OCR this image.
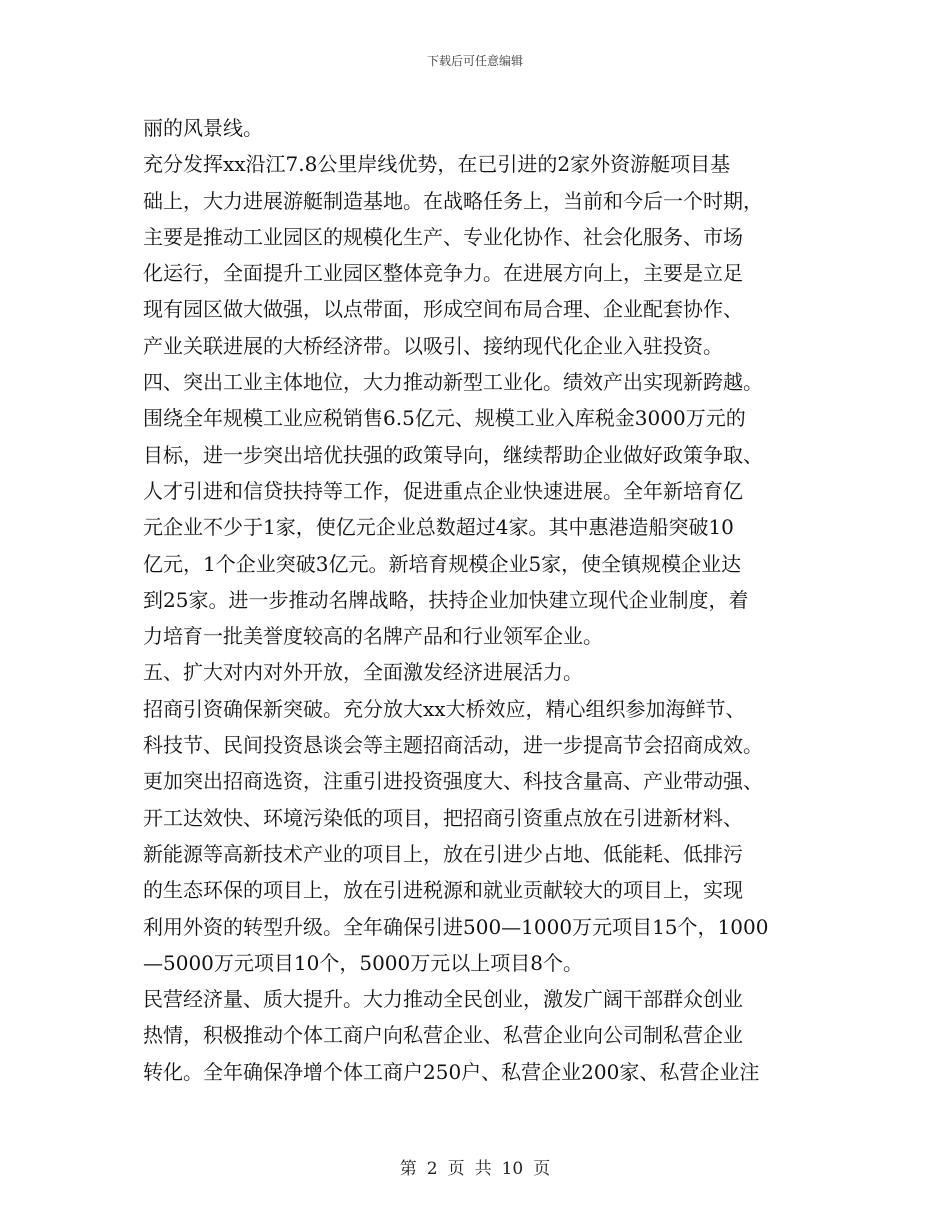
下载后可任意编辑
丽的风景线。
充分发挥xx沿江7.8公里岸线优势，在已引进的2家外资游艇项目基
础上，大力进展游艇制造基地。在战略任务上，当前和今后一个时期，
主要是推动工业园区的规模化生产、专业化协作、社会化服务、市场
化运行，全面提升工业园区整体竞争力。在进展方向上，主要是立足
现有园区做大做强，以点带面，形成空间布局合理、企业配套协作、
产业关联进展的大桥经济带。以吸引、接纳现代化企业入驻投资。
四、突出工业主体地位，大力推动新型工业化。绩效产出实现新跨越。
围绕全年规模工业应税销售6.5亿元、规模工业入库税金3000万元的
目标，进一步突出培优扶强的政策导向，继续帮助企业做好政策争取、
人才引进和信贷扶持等工作，促进重点企业快速进展。全年新培育亿
元企业不少于1家，使亿元企业总数超过4家。其中惠港造船突破10
亿元，1个企业突破3亿元。新培育规模企业5家，使全镇规模企业达
到25家。进一步推动名牌战略，扶持企业加快建立现代企业制度，着
力培育一批美誉度较高的名牌产品和行业领军企业。
五、扩大对内对外开放，全面激发经济进展活力。
招商引资确保新突破。充分放大xx大桥效应，精心组织参加海鲜节、
科技节、民间投资恳谈会等主题招商活动，进一步提高节会招商成效。
更加突出招商选资，注重引进投资强度大、科技含量高、产业带动强、
开工达效快、环境污染低的项目，把招商引资重点放在引进新材料、
新能源等高新技术产业的项目上，放在引进少占地、低能耗、低排污
的生态环保的项目上，放在引进税源和就业贡献较大的项目上，实现
利用外资的转型升级。全年确保引进500—1000万元项目15个，1000
—5000万元项目10个，5000万元以上项目8个。
民营经济量、质大提升。大力推动全民创业，激发广阔干部群众创业
热情，积极推动个体工商户向私营企业、私营企业向公司制私营企业
转化。全年确保净增个体工商户250户、私营企业200家、私营企业注
第 2 页 共 10 页
